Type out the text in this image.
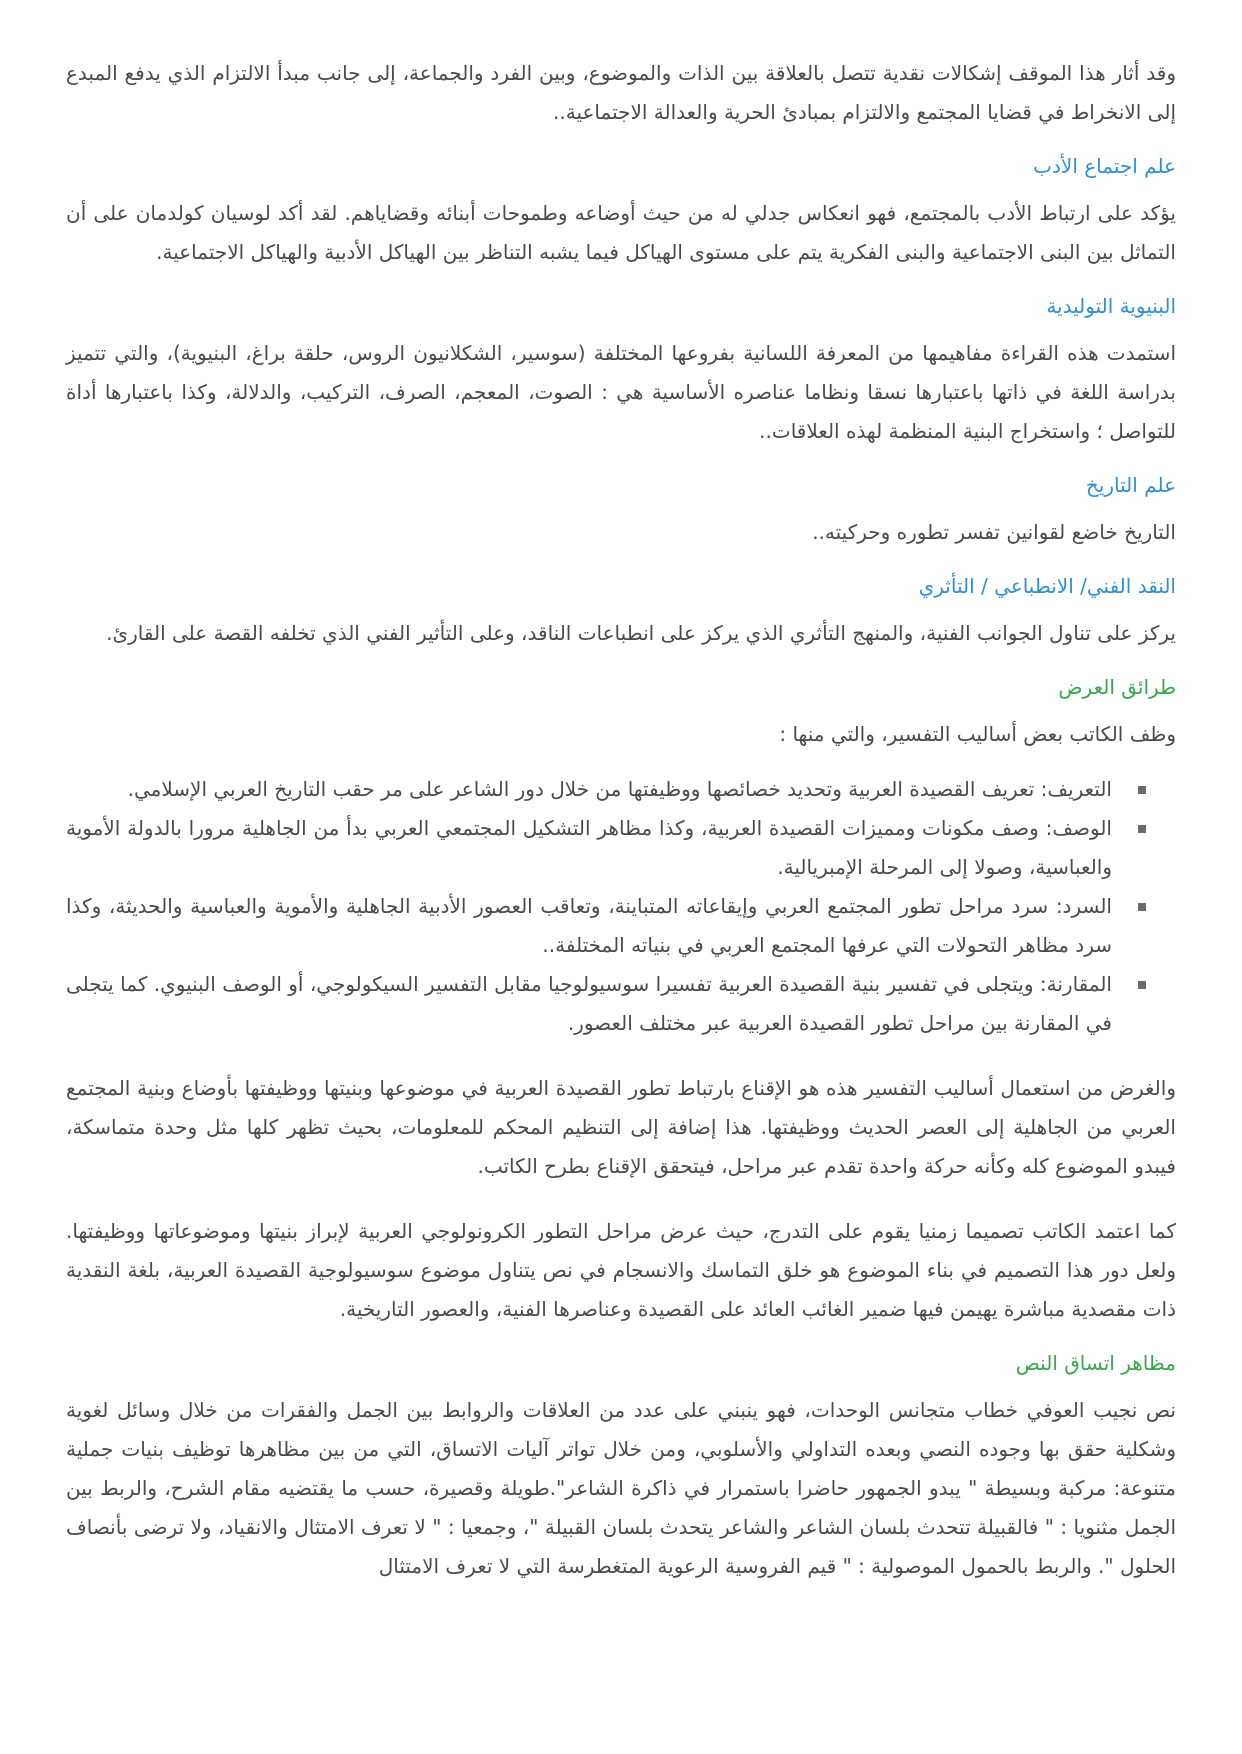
وقد أثار هذا الموقف إشكالات نقدية تتصل بالعلاقة بين الذات والموضوع، وبين الفرد والجماعة، إلى جانب مبدأ الالتزام الذي يدفع المبدع إلى الانخراط في قضايا المجتمع والالتزام بمبادئ الحرية والعدالة الاجتماعية..

علم اجتماع الأدب

يؤكد على ارتباط الأدب بالمجتمع، فهو انعكاس جدلي له من حيث أوضاعه وطموحات أبنائه وقضاياهم. لقد أكد لوسيان كولدمان على أن التماثل بين البنى الاجتماعية والبنى الفكرية يتم على مستوى الهياكل فيما يشبه التناظر بين الهياكل الأدبية والهياكل الاجتماعية.

البنيوية التوليدية

استمدت هذه القراءة مفاهيمها من المعرفة اللسانية بفروعها المختلفة (سوسير، الشكلانيون الروس، حلقة براغ، البنيوية)، والتي تتميز بدراسة اللغة في ذاتها باعتبارها نسقا ونظاما عناصره الأساسية هي : الصوت، المعجم، الصرف، التركيب، والدلالة، وكذا باعتبارها أداة للتواصل ؛ واستخراج البنية المنظمة لهذه العلاقات..

علم التاريخ

التاريخ خاضع لقوانين تفسر تطوره وحركيته..

النقد الفني/ الانطباعي / التأثري

يركز على تناول الجوانب الفنية، والمنهج التأثري الذي يركز على انطباعات الناقد، وعلى التأثير الفني الذي تخلفه القصة على القارئ.

طرائق العرض

وظف الكاتب بعض أساليب التفسير، والتي منها :

التعريف: تعريف القصيدة العربية وتحديد خصائصها ووظيفتها من خلال دور الشاعر على مر حقب التاريخ العربي الإسلامي.
الوصف: وصف مكونات ومميزات القصيدة العربية، وكذا مظاهر التشكيل المجتمعي العربي بدأ من الجاهلية مرورا بالدولة الأموية والعباسية، وصولا إلى المرحلة الإمبريالية.
السرد: سرد مراحل تطور المجتمع العربي وإيقاعاته المتباينة، وتعاقب العصور الأدبية الجاهلية والأموية والعباسية والحديثة، وكذا سرد مظاهر التحولات التي عرفها المجتمع العربي في بنياته المختلفة..
المقارنة: ويتجلى في تفسير بنية القصيدة العربية تفسيرا سوسيولوجيا مقابل التفسير السيكولوجي، أو الوصف البنيوي. كما يتجلى في المقارنة بين مراحل تطور القصيدة العربية عبر مختلف العصور.

والغرض من استعمال أساليب التفسير هذه هو الإقناع بارتباط تطور القصيدة العربية في موضوعها وبنيتها ووظيفتها بأوضاع وبنية المجتمع العربي من الجاهلية إلى العصر الحديث ووظيفتها. هذا إضافة إلى التنظيم المحكم للمعلومات، بحيث تظهر كلها مثل وحدة متماسكة، فيبدو الموضوع كله وكأنه حركة واحدة تقدم عبر مراحل، فيتحقق الإقناع بطرح الكاتب.

كما اعتمد الكاتب تصميما زمنيا يقوم على التدرج، حيث عرض مراحل التطور الكرونولوجي العربية لإبراز بنيتها وموضوعاتها ووظيفتها. ولعل دور هذا التصميم في بناء الموضوع هو خلق التماسك والانسجام في نص يتناول موضوع سوسيولوجية القصيدة العربية، بلغة النقدية ذات مقصدية مباشرة يهيمن فيها ضمير الغائب العائد على القصيدة وعناصرها الفنية، والعصور التاريخية.

مظاهر اتساق النص

نص نجيب العوفي خطاب متجانس الوحدات، فهو ينبني على عدد من العلاقات والروابط بين الجمل والفقرات من خلال وسائل لغوية وشكلية حقق بها وجوده النصي وبعده التداولي والأسلوبي، ومن خلال تواتر آليات الاتساق، التي من بين مظاهرها توظيف بنيات جملية متنوعة: مركبة وبسيطة " يبدو الجمهور حاضرا باستمرار في ذاكرة الشاعر".طويلة وقصيرة، حسب ما يقتضيه مقام الشرح، والربط بين الجمل مثنويا : " فالقبيلة تتحدث بلسان الشاعر والشاعر يتحدث بلسان القبيلة "، وجمعيا : " لا تعرف الامتثال والانقياد، ولا ترضى بأنصاف الحلول ". والربط بالحمول الموصولية : " قيم الفروسية الرعوية المتغطرسة التي لا تعرف الامتثال
